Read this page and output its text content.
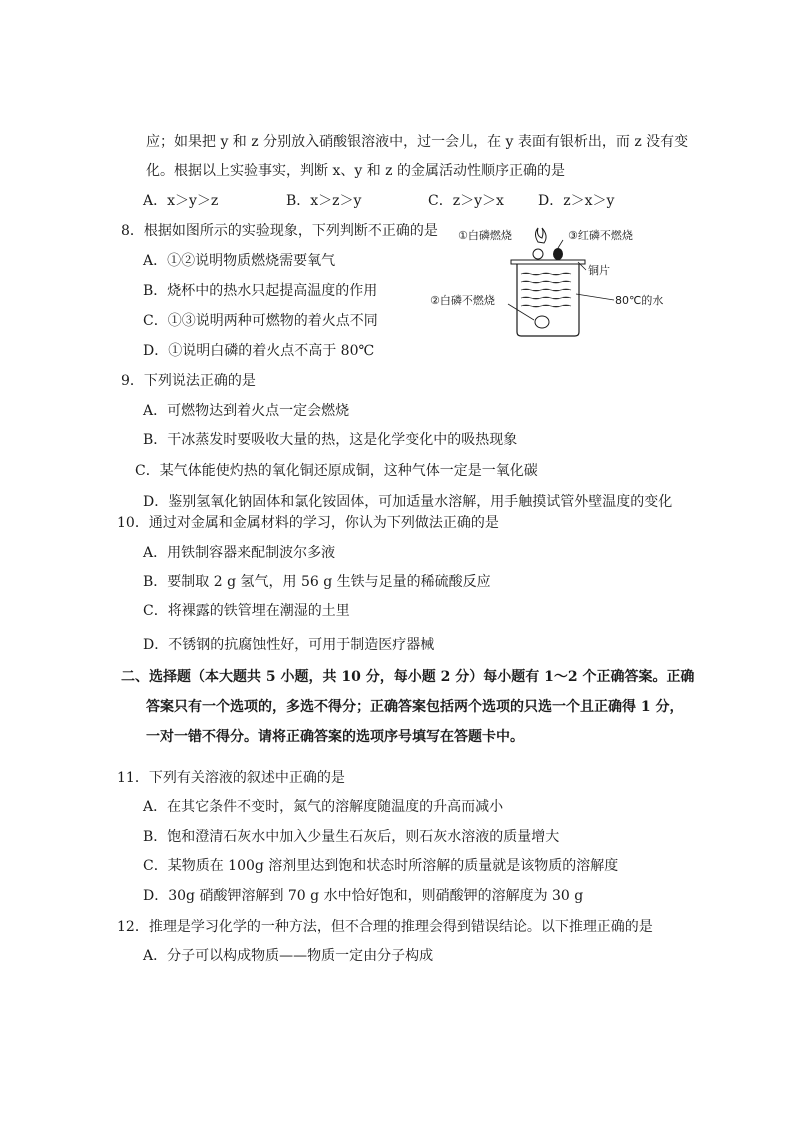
应；如果把 y 和 z 分别放入硝酸银溶液中，过一会儿，在 y 表面有银析出，而 z 没有变
化。根据以上实验事实，判断 x、y 和 z 的金属活动性顺序正确的是
A．x＞y＞z	B．x＞z＞y	C．z＞y＞x D．z＞x＞y
8．根据如图所示的实验现象，下列判断不正确的是
A．①②说明物质燃烧需要氧气
B．烧杯中的热水只起提高温度的作用
C．①③说明两种可燃物的着火点不同
D．①说明白磷的着火点不高于 80℃
①白磷燃烧	③红磷不燃烧
铜片
80℃的水
②白磷不燃烧
9．下列说法正确的是
A．可燃物达到着火点一定会燃烧
B．干冰蒸发时要吸收大量的热，这是化学变化中的吸热现象
C．某气体能使灼热的氧化铜还原成铜，这种气体一定是一氧化碳
D．鉴别氢氧化钠固体和氯化铵固体，可加适量水溶解，用手触摸试管外壁温度的变化
10．通过对金属和金属材料的学习，你认为下列做法正确的是
A．用铁制容器来配制波尔多液
B．要制取 2 g 氢气，用 56 g 生铁与足量的稀硫酸反应
C．将裸露的铁管埋在潮湿的土里
D．不锈钢的抗腐蚀性好，可用于制造医疗器械
二、选择题（本大题共 5 小题，共 10 分，每小题 2 分）每小题有 1～2 个正确答案。正确
答案只有一个选项的，多选不得分；正确答案包括两个选项的只选一个且正确得 1 分，
一对一错不得分。请将正确答案的选项序号填写在答题卡中。
11．下列有关溶液的叙述中正确的是
A．在其它条件不变时，氮气的溶解度随温度的升高而减小
B．饱和澄清石灰水中加入少量生石灰后，则石灰水溶液的质量增大
C．某物质在 100g 溶剂里达到饱和状态时所溶解的质量就是该物质的溶解度
D．30g 硝酸钾溶解到 70 g 水中恰好饱和，则硝酸钾的溶解度为 30 g
12．推理是学习化学的一种方法，但不合理的推理会得到错误结论。以下推理正确的是
A．分子可以构成物质——物质一定由分子构成
